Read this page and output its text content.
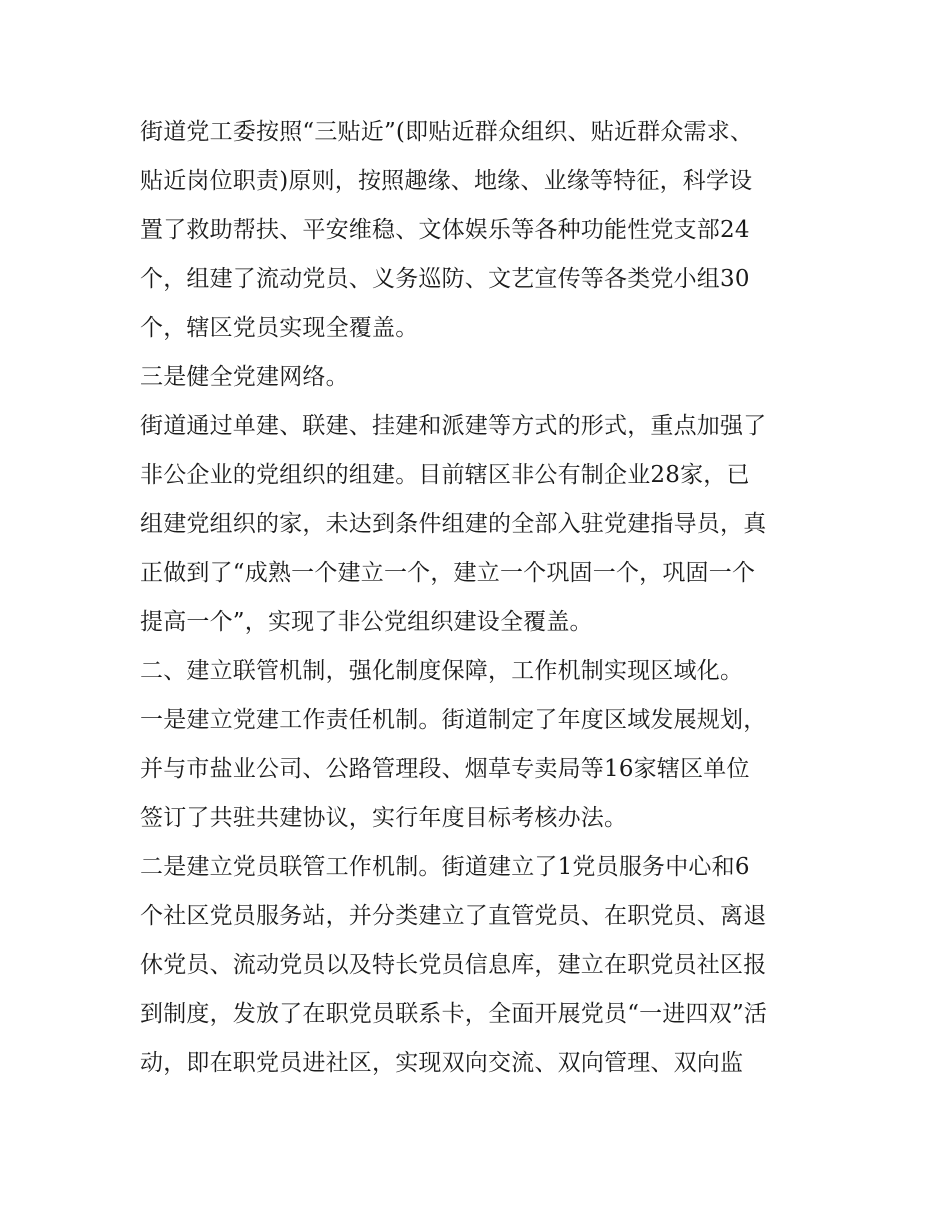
街道党工委按照“三贴近”(即贴近群众组织、贴近群众需求、
贴近岗位职责)原则，按照趣缘、地缘、业缘等特征，科学设
置了救助帮扶、平安维稳、文体娱乐等各种功能性党支部24
个，组建了流动党员、义务巡防、文艺宣传等各类党小组30
个，辖区党员实现全覆盖。

三是健全党建网络。

街道通过单建、联建、挂建和派建等方式的形式，重点加强了
非公企业的党组织的组建。目前辖区非公有制企业28家，已
组建党组织的家，未达到条件组建的全部入驻党建指导员，真
正做到了“成熟一个建立一个，建立一个巩固一个，巩固一个
提高一个”，实现了非公党组织建设全覆盖。

二、建立联管机制，强化制度保障，工作机制实现区域化。

一是建立党建工作责任机制。街道制定了年度区域发展规划，
并与市盐业公司、公路管理段、烟草专卖局等16家辖区单位
签订了共驻共建协议，实行年度目标考核办法。

二是建立党员联管工作机制。街道建立了1党员服务中心和6
个社区党员服务站，并分类建立了直管党员、在职党员、离退
休党员、流动党员以及特长党员信息库，建立在职党员社区报
到制度，发放了在职党员联系卡，全面开展党员“一进四双”活
动，即在职党员进社区，实现双向交流、双向管理、双向监
